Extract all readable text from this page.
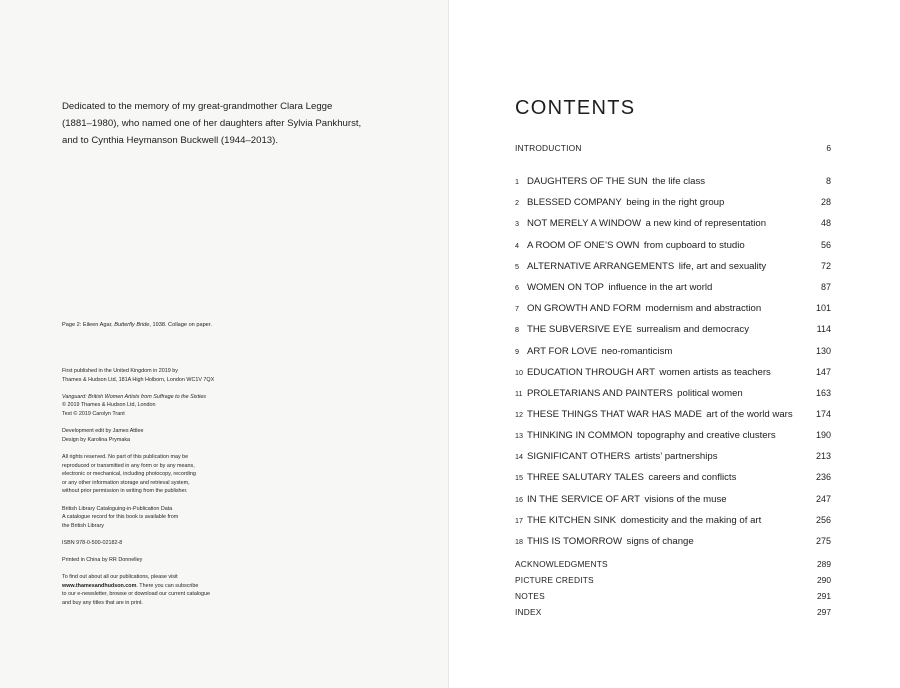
Dedicated to the memory of my great-grandmother Clara Legge
(1881–1980), who named one of her daughters after Sylvia Pankhurst,
and to Cynthia Heymanson Buckwell (1944–2013).
Page 2: Eileen Agar, Butterfly Bride, 1938. Collage on paper.
First published in the United Kingdom in 2019 by
Thames & Hudson Ltd, 181A High Holborn, London WC1V 7QX
Vanguard: British Women Artists from Suffrage to the Sixties
© 2019 Thames & Hudson Ltd, London
Text © 2019 Carolyn Trant
Development edit by James Attlee
Design by Karolina Prymaka
All rights reserved. No part of this publication may be
reproduced or transmitted in any form or by any means,
electronic or mechanical, including photocopy, recording
or any other information storage and retrieval system,
without prior permission in writing from the publisher.
British Library Cataloguing-in-Publication Data
A catalogue record for this book is available from
the British Library
ISBN 978-0-500-02182-8
Printed in China by RR Donnelley
To find out about all our publications, please visit
www.thamesandhudson.com. There you can subscribe
to our e-newsletter, browse or download our current catalogue
and buy any titles that are in print.
CONTENTS
INTRODUCTION	6
1 DAUGHTERS OF THE SUN
the life class	8
2 BLESSED COMPANY
being in the right group	28
3 NOT MERELY A WINDOW
a new kind of representation	48
4 A ROOM OF ONE’S OWN
from cupboard to studio	56
5 ALTERNATIVE ARRANGEMENTS
life, art and sexuality	72
6 WOMEN ON TOP
influence in the art world	87
7 ON GROWTH AND FORM
modernism and abstraction	101
8 THE SUBVERSIVE EYE
surrealism and democracy	114
9 ART FOR LOVE
neo-romanticism	130
10 EDUCATION THROUGH ART
women artists as teachers	147
11 PROLETARIANS AND PAINTERS
political women	163
12 THESE THINGS THAT WAR HAS MADE
art of the world wars	174
13 THINKING IN COMMON
topography and creative clusters	190
14 SIGNIFICANT OTHERS
artists’ partnerships	213
15 THREE SALUTARY TALES
careers and conflicts	236
16 IN THE SERVICE OF ART
visions of the muse	247
17 THE KITCHEN SINK
domesticity and the making of art	256
18 THIS IS TOMORROW
signs of change	275
ACKNOWLEDGMENTS	289
PICTURE CREDITS	290
NOTES	291
INDEX	297
